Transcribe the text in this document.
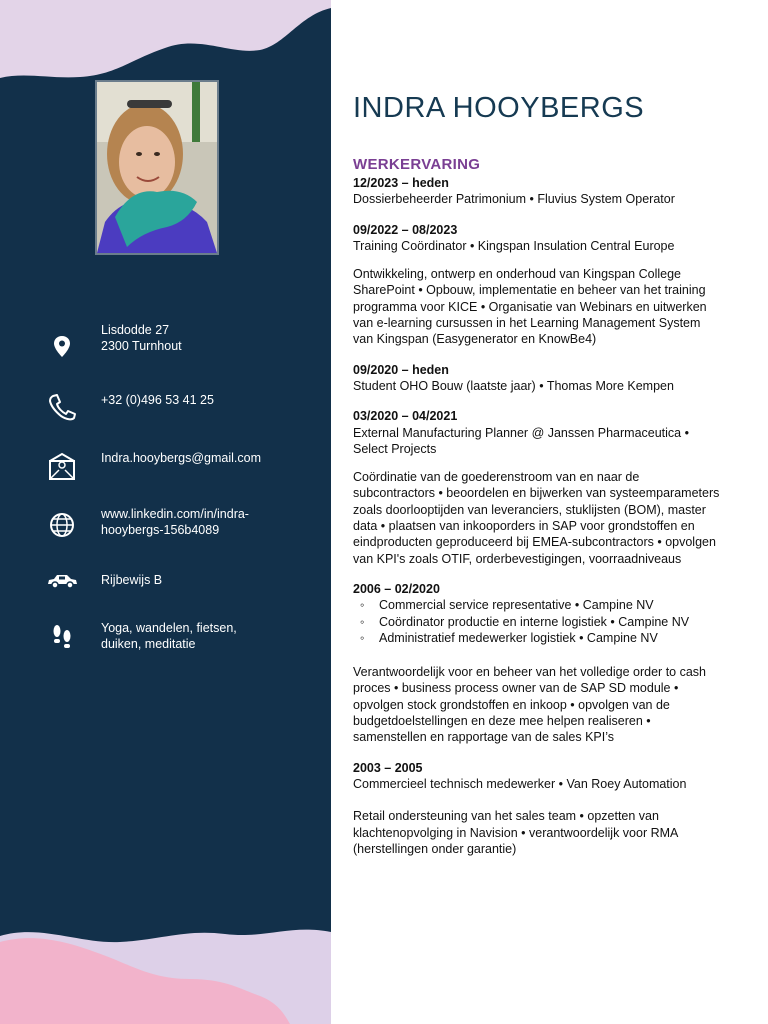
Lisdodde 27
2300 Turnhout
+32 (0)496 53 41 25
Indra.hooybergs@gmail.com
www.linkedin.com/in/indra-
hooybergs-156b4089
Rijbewijs B
Yoga, wandelen, fietsen,
duiken, meditatie
INDRA HOOYBERGS
WERKERVARING
12/2023 – heden
Dossierbeheerder Patrimonium • Fluvius System Operator
09/2022 – 08/2023
Training Coördinator • Kingspan Insulation Central Europe
Ontwikkeling, ontwerp en onderhoud van Kingspan College SharePoint • Opbouw, implementatie en beheer van het training programma voor KICE • Organisatie van Webinars en uitwerken van e-learning cursussen in het Learning Management System van Kingspan (Easygenerator en KnowBe4)
09/2020 – heden
Student OHO Bouw (laatste jaar) • Thomas More Kempen
03/2020 – 04/2021
External Manufacturing Planner @ Janssen Pharmaceutica • Select Projects
Coördinatie van de goederenstroom van en naar de subcontractors • beoordelen en bijwerken van systeemparameters zoals doorlooptijden van leveranciers, stuklijsten (BOM), master data • plaatsen van inkooporders in SAP voor grondstoffen en eindproducten geproduceerd bij EMEA-subcontractors • opvolgen van KPI's zoals OTIF, orderbevestigingen, voorraadniveaus
2006 – 02/2020
◦ Commercial service representative • Campine NV
◦ Coördinator productie en interne logistiek • Campine NV
◦ Administratief medewerker logistiek • Campine NV
Verantwoordelijk voor en beheer van het volledige order to cash proces • business process owner van de SAP SD module • opvolgen stock grondstoffen en inkoop • opvolgen van de budgetdoelstellingen en deze mee helpen realiseren • samenstellen en rapportage van de sales KPI’s
2003 – 2005
Commercieel technisch medewerker • Van Roey Automation
Retail ondersteuning van het sales team • opzetten van klachtenopvolging in Navision • verantwoordelijk voor RMA (herstellingen onder garantie)
